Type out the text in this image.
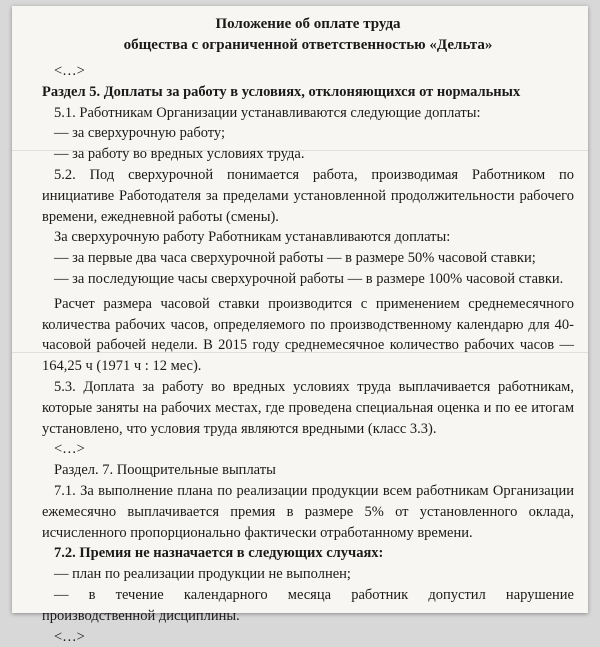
Положение об оплате труда
общества с ограниченной ответственностью «Дельта»

<…>

Раздел 5. Доплаты за работу в условиях, отклоняющихся от нормальных

5.1. Работникам Организации устанавливаются следующие доплаты:

— за сверхурочную работу;

— за работу во вредных условиях труда.

5.2. Под сверхурочной понимается работа, производимая Работником по инициативе Работодателя за пределами установленной продолжительности рабочего времени, ежедневной работы (смены).

За сверхурочную работу Работникам устанавливаются доплаты:

— за первые два часа сверхурочной работы — в размере 50% часовой ставки;

— за последующие часы сверхурочной работы — в размере 100% часовой ставки.

Расчет размера часовой ставки производится с применением среднемесячного количества рабочих часов, определяемого по производственному календарю для 40-часовой рабочей недели. В 2015 году среднемесячное количество рабочих часов — 164,25 ч (1971 ч : 12 мес).

5.3. Доплата за работу во вредных условиях труда выплачивается работникам, которые заняты на рабочих местах, где проведена специальная оценка и по ее итогам установлено, что условия труда являются вредными (класс 3.3).

<…>

Раздел. 7. Поощрительные выплаты

7.1. За выполнение плана по реализации продукции всем работникам Организации ежемесячно выплачивается премия в размере 5% от установленного оклада, исчисленного пропорционально фактически отработанному времени.

7.2. Премия не назначается в следующих случаях:

— план по реализации продукции не выполнен;

— в течение календарного месяца работник допустил нарушение производственной дисциплины.

<…>
